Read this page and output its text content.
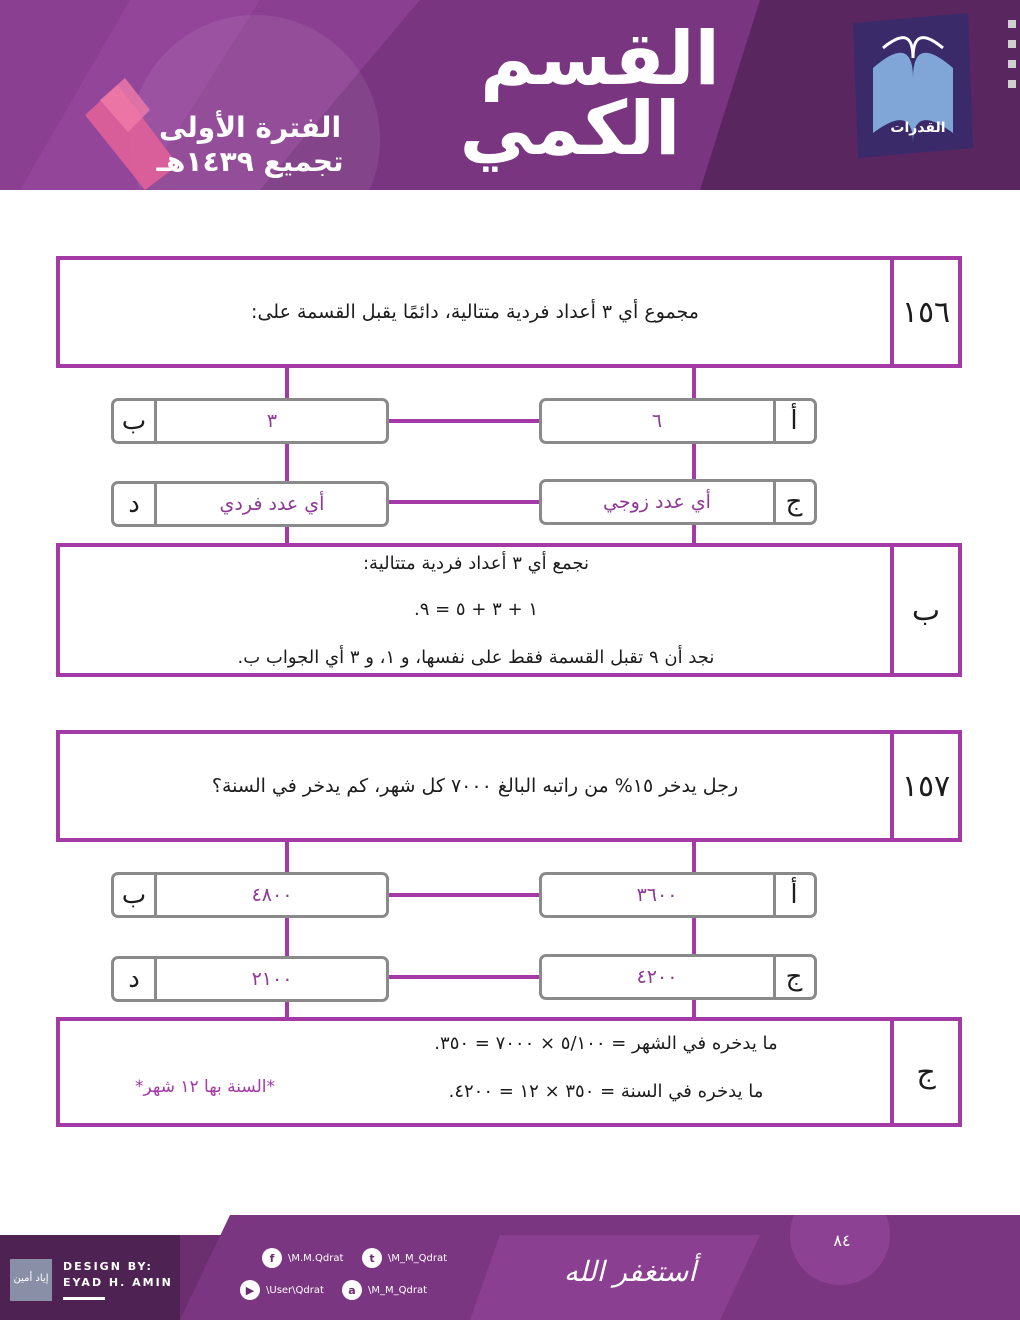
القسم
الكمي
الفترة الأولى
تجميع ١٤٣٩هـ
القدرات
١٥٦
مجموع أي ٣ أعداد فردية متتالية، دائمًا يقبل القسمة على:
أ
٦
ب	٣
ج
أي عدد زوجي
د	أي عدد فردي
ب
نجمع أي ٣ أعداد فردية متتالية:
١ + ٣ + ٥ = ٩.
نجد أن ٩ تقبل القسمة فقط على نفسها، و ١، و ٣ أي الجواب ب.
١٥٧
رجل يدخر ١٥% من راتبه البالغ ٧٠٠٠ كل شهر، كم يدخر في السنة؟
أ
٣٦٠٠
ب	٤٨٠٠
ج
٤٢٠٠
د	٢١٠٠
ج
ما يدخره في الشهر = ٥/١٠٠ × ٧٠٠٠ = ٣٥٠.
ما يدخره في السنة = ٣٥٠ × ١٢ = ٤٢٠٠.
*السنة بها ١٢ شهر*
إياد أمين
DESIGN BY:
EYAD H. AMIN
f	\M.M.Qdrat	t	\M_M_Qdrat
▶	\User\Qdrat	a	\M_M_Qdrat
أستغفر الله
٨٤
